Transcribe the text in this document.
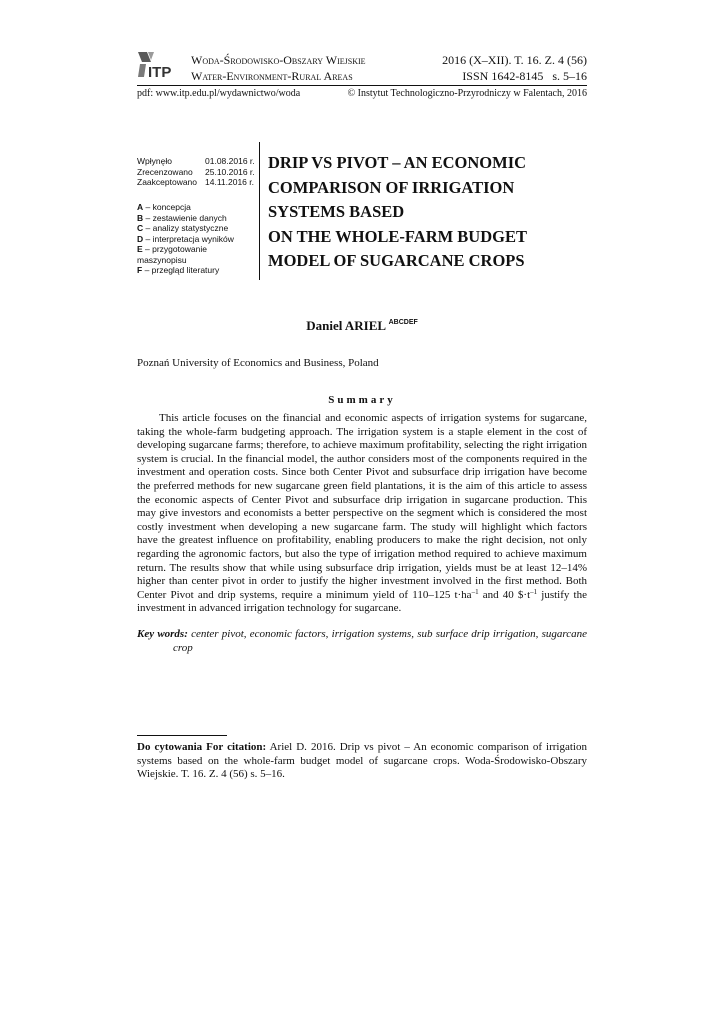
ITP
Woda-Środowisko-Obszary Wiejskie
Water-Environment-Rural Areas
2016 (X–XII). T. 16. Z. 4 (56)
ISSN 1642-8145 s. 5–16
pdf: www.itp.edu.pl/wydawnictwo/woda	© Instytut Technologiczno-Przyrodniczy w Falentach, 2016
Wpłynęło	01.08.2016 r.
Zrecenzowano	25.10.2016 r.
Zaakceptowano 14.11.2016 r.
A – koncepcja
B – zestawienie danych
C – analizy statystyczne
D – interpretacja wyników
E – przygotowanie maszynopisu
F – przegląd literatury
DRIP VS PIVOT – AN ECONOMIC
COMPARISON OF IRRIGATION
SYSTEMS BASED
ON THE WHOLE-FARM BUDGET
MODEL OF SUGARCANE CROPS
Daniel ARIEL $^{ABCDEF}$
Poznań University of Economics and Business, Poland
Summary
This article focuses on the financial and economic aspects of irrigation systems for sugarcane, taking the whole-farm budgeting approach. The irrigation system is a staple element in the cost of developing sugarcane farms; therefore, to achieve maximum profitability, selecting the right irrigation system is crucial. In the financial model, the author considers most of the components required in the investment and operation costs. Since both Center Pivot and subsurface drip irrigation have become the preferred methods for new sugarcane green field plantations, it is the aim of this article to assess the economic aspects of Center Pivot and subsurface drip irrigation in sugarcane production. This may give investors and economists a better perspective on the segment which is considered the most costly investment when developing a new sugarcane farm. The study will highlight which factors have the greatest influence on profitability, enabling producers to make the right decision, not only regarding the agronomic factors, but also the type of irrigation method required to achieve maximum return. The results show that while using subsurface drip irrigation, yields must be at least 12–14% higher than center pivot in order to justify the higher investment involved in the first method. Both Center Pivot and drip systems, require a minimum yield of 110–125 $t\cdot ha^{-1}$ and 40 $\$\cdot t^{-1}$ justify the investment in advanced irrigation technology for sugarcane.
Key words: center pivot, economic factors, irrigation systems, sub surface drip irrigation, sugarcane crop
Do cytowania For citation: Ariel D. 2016. Drip vs pivot – An economic comparison of irrigation systems based on the whole-farm budget model of sugarcane crops. Woda-Środowisko-Obszary Wiejskie. T. 16. Z. 4 (56) s. 5–16.
